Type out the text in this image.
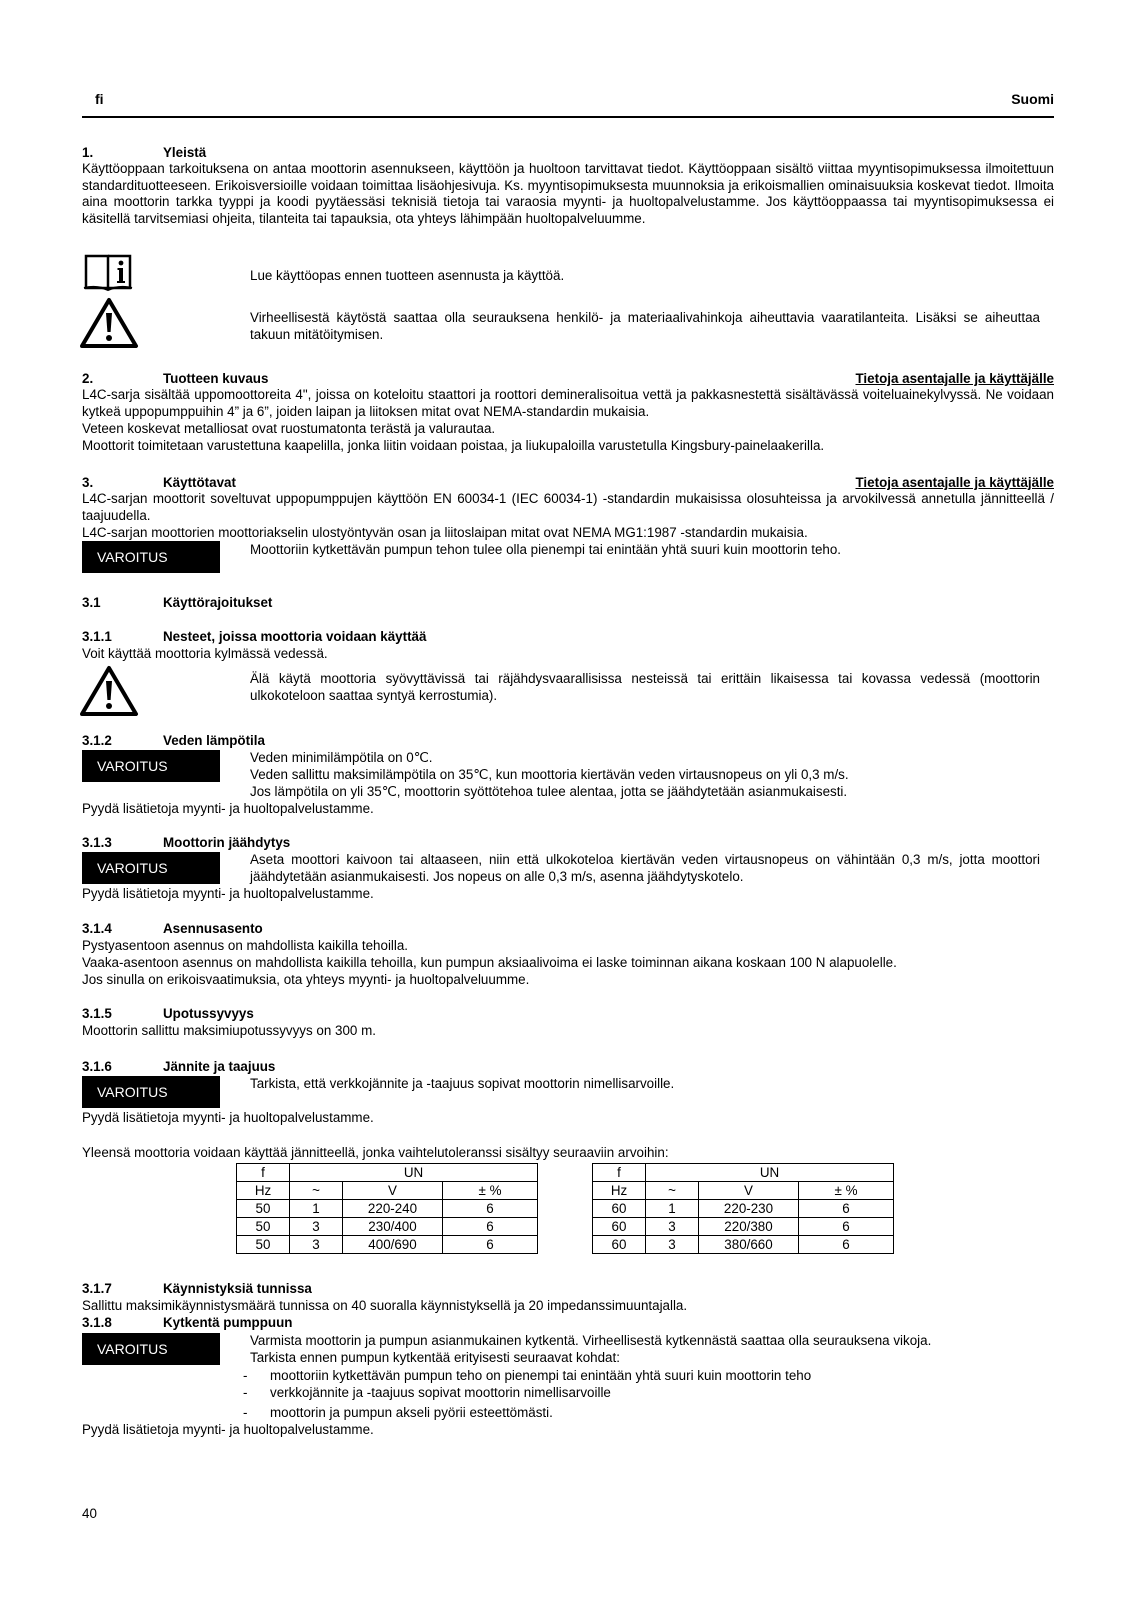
fi	Suomi
1.	Yleistä
Käyttöoppaan tarkoituksena on antaa moottorin asennukseen, käyttöön ja huoltoon tarvittavat tiedot. Käyttöoppaan sisältö viittaa myyntisopimuksessa ilmoitettuun standardituotteeseen. Erikoisversioille voidaan toimittaa lisäohjesivuja. Ks. myyntisopimuksesta muunnoksia ja erikoismallien ominaisuuksia koskevat tiedot. Ilmoita aina moottorin tarkka tyyppi ja koodi pyytäessäsi teknisiä tietoja tai varaosia myynti- ja huoltopalvelustamme. Jos käyttöoppaassa tai myyntisopimuksessa ei käsitellä tarvitsemiasi ohjeita, tilanteita tai tapauksia, ota yhteys lähimpään huoltopalveluumme.
Lue käyttöopas ennen tuotteen asennusta ja käyttöä.
Virheellisestä käytöstä saattaa olla seurauksena henkilö- ja materiaalivahinkoja aiheuttavia vaaratilanteita. Lisäksi se aiheuttaa takuun mitätöitymisen.
2.	Tuotteen kuvaus	Tietoja asentajalle ja käyttäjälle
L4C-sarja sisältää uppomoottoreita 4", joissa on koteloitu staattori ja roottori demineralisoitua vettä ja pakkasnestettä sisältävässä voiteluainekylvyssä. Ne voidaan kytkeä uppopumppuihin 4” ja 6”, joiden laipan ja liitoksen mitat ovat NEMA-standardin mukaisia.
Veteen koskevat metalliosat ovat ruostumatonta terästä ja valurautaa.
Moottorit toimitetaan varustettuna kaapelilla, jonka liitin voidaan poistaa, ja liukupaloilla varustetulla Kingsbury-painelaakerilla.
3.	Käyttötavat	Tietoja asentajalle ja käyttäjälle
L4C-sarjan moottorit soveltuvat uppopumppujen käyttöön EN 60034-1 (IEC 60034-1) -standardin mukaisissa olosuhteissa ja arvokilvessä annetulla jännitteellä / taajuudella.
L4C-sarjan moottorien moottoriakselin ulostyöntyvän osan ja liitoslaipan mitat ovat NEMA MG1:1987 -standardin mukaisia.
VAROITUS	Moottoriin kytkettävän pumpun tehon tulee olla pienempi tai enintään yhtä suuri kuin moottorin teho.
3.1	Käyttörajoitukset
3.1.1	Nesteet, joissa moottoria voidaan käyttää
Voit käyttää moottoria kylmässä vedessä.
Älä käytä moottoria syövyttävissä tai räjähdysvaarallisissa nesteissä tai erittäin likaisessa tai kovassa vedessä (moottorin ulkokoteloon saattaa syntyä kerrostumia).
3.1.2	Veden lämpötila
VAROITUS
Veden minimilämpötila on 0℃.
Veden sallittu maksimilämpötila on 35℃, kun moottoria kiertävän veden virtausnopeus on yli 0,3 m/s.
Jos lämpötila on yli 35℃, moottorin syöttötehoa tulee alentaa, jotta se jäähdytetään asianmukaisesti.
Pyydä lisätietoja myynti- ja huoltopalvelustamme.
3.1.3	Moottorin jäähdytys
VAROITUS
Aseta moottori kaivoon tai altaaseen, niin että ulkokoteloa kiertävän veden virtausnopeus on vähintään 0,3 m/s, jotta moottori jäähdytetään asianmukaisesti. Jos nopeus on alle 0,3 m/s, asenna jäähdytyskotelo.
Pyydä lisätietoja myynti- ja huoltopalvelustamme.
3.1.4	Asennusasento
Pystyasentoon asennus on mahdollista kaikilla tehoilla.
Vaaka-asentoon asennus on mahdollista kaikilla tehoilla, kun pumpun aksiaalivoima ei laske toiminnan aikana koskaan 100 N alapuolelle.
Jos sinulla on erikoisvaatimuksia, ota yhteys myynti- ja huoltopalveluumme.
3.1.5	Upotussyvyys
Moottorin sallittu maksimiupotussyvyys on 300 m.
3.1.6	Jännite ja taajuus
VAROITUS
Tarkista, että verkkojännite ja -taajuus sopivat moottorin nimellisarvoille.
Pyydä lisätietoja myynti- ja huoltopalvelustamme.
Yleensä moottoria voidaan käyttää jännitteellä, jonka vaihtelutoleranssi sisältyy seuraaviin arvoihin:
f	UN		
Hz	~	V	± %
50	1	220-240	6
50	3	230/400	6
50	3	400/690	6
f	UN		
Hz	~	V	± %
60	1	220-230	6
60	3	220/380	6
60	3	380/660	6
3.1.7	Käynnistyksiä tunnissa
Sallittu maksimikäynnistysmäärä tunnissa on 40 suoralla käynnistyksellä ja 20 impedanssimuuntajalla.
3.1.8	Kytkentä pumppuun
VAROITUS
Varmista moottorin ja pumpun asianmukainen kytkentä. Virheellisestä kytkennästä saattaa olla seurauksena vikoja.
Tarkista ennen pumpun kytkentää erityisesti seuraavat kohdat:
- moottoriin kytkettävän pumpun teho on pienempi tai enintään yhtä suuri kuin moottorin teho
- verkkojännite ja -taajuus sopivat moottorin nimellisarvoille
- moottorin ja pumpun akseli pyörii esteettömästi.
Pyydä lisätietoja myynti- ja huoltopalvelustamme.
40
